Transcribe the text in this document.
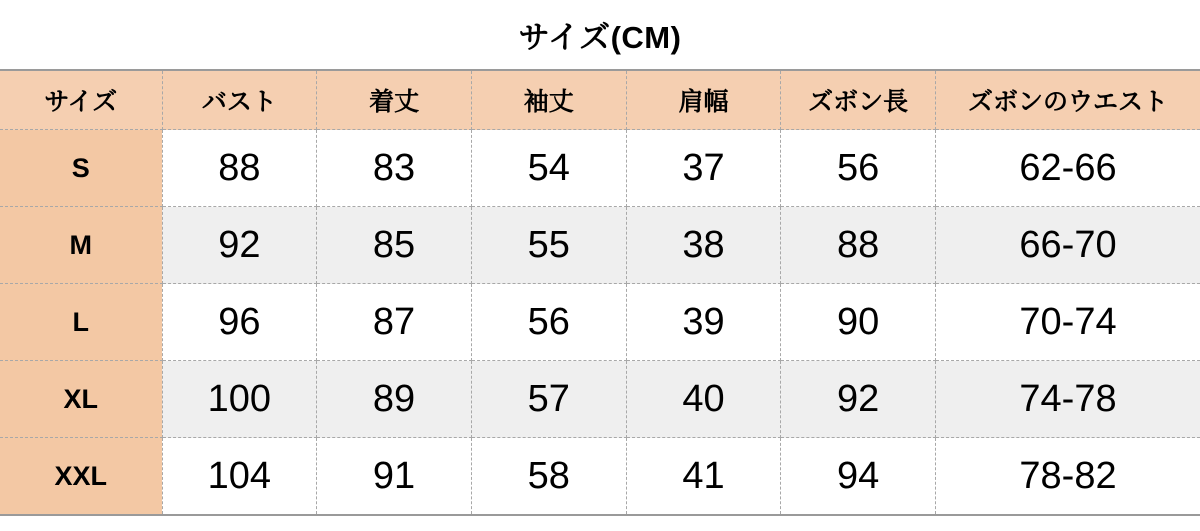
サイズ(CM)
サイズ	バスト	着丈	袖丈	肩幅	ズボン長	ズボンのウエスト
S	88	83	54	37	56	62-66
M	92	85	55	38	88	66-70
L	96	87	56	39	90	70-74
XL	100	89	57	40	92	74-78
XXL	104	91	58	41	94	78-82
